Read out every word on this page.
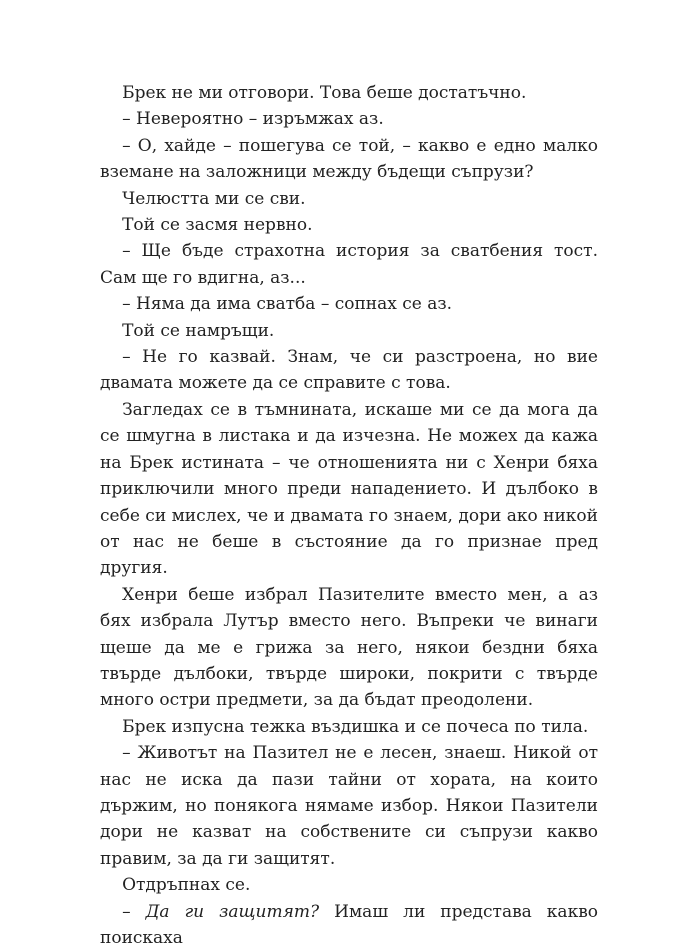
Брек не ми отговори. Това беше достатъчно.

– Невероятно – изръмжах аз.

– О, хайде – пошегува се той, – какво е едно малко вземане на заложници между бъдещи съпрузи?

Челюстта ми се сви.

Той се засмя нервно.

– Ще бъде страхотна история за сватбения тост. Сам ще го вдигна, аз...

– Няма да има сватба – сопнах се аз.

Той се намръщи.

– Не го казвай. Знам, че си разстроена, но вие двамата можете да се справите с това.

Загледах се в тъмнината, искаше ми се да мога да се шмугна в листака и да изчезна. Не можех да кажа на Брек истината – че отношенията ни с Хенри бяха приключили много преди нападението. И дълбоко в себе си мислех, че и двамата го знаем, дори ако никой от нас не беше в състояние да го признае пред другия.

Хенри беше избрал Пазителите вместо мен, а аз бях избрала Лутър вместо него. Въпреки че винаги щеше да ме е грижа за него, някои бездни бяха твърде дълбоки, твърде широки, покрити с твърде много остри предмети, за да бъдат преодолени.

Брек изпусна тежка въздишка и се почеса по тила.

– Животът на Пазител не е лесен, знаеш. Никой от нас не иска да пази тайни от хората, на които държим, но понякога нямаме избор. Някои Пазители дори не казват на собствените си съпрузи какво правим, за да ги защитят.

Отдръпнах се.

– Да ги защитят? Имаш ли представа какво поискаха
